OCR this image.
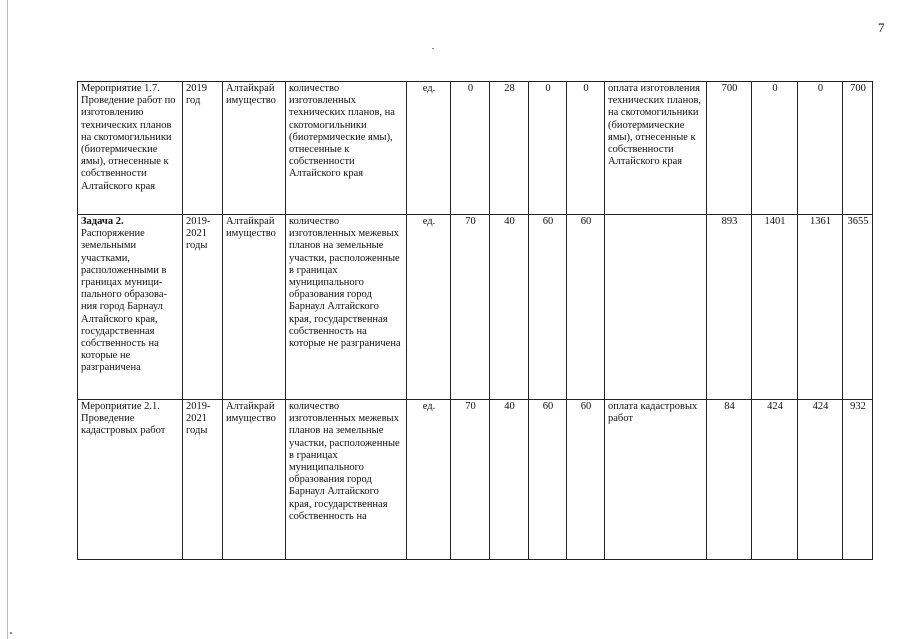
7
Мероприятие 1.7.
Проведение работ по изготовлению технических планов на скотомогильники (биотермические ямы), отнесенные к собственности Алтайского края	2019 год	Алтайкрай имущество	количество изготовленных технических планов, на скотомогильники (биотермические ямы), отнесенные к собственности Алтайского края	ед.	0	28	0	0	оплата изготовления технических планов, на скотомогильники (биотермические ямы), отнесенные к собственности Алтайского края	700	0	0	700
Задача 2.
Распоряжение земельными участками, расположенными в границах муници-пального образова-ния город Барнаул Алтайского края, государственная собственность на которые не разграничена	2019-2021 годы	Алтайкрай имущество	количество изготовленных межевых планов на земельные участки, расположенные в границах муниципального образования город Барнаул Алтайского края, государственная собственность на которые не разграничена	ед.	70	40	60	60		893	1401	1361	3655
Мероприятие 2.1.
Проведение кадастровых работ	2019-2021 годы	Алтайкрай имущество	количество изготовленных межевых планов на земельные участки, расположенные в границах муниципального образования город Барнаул Алтайского края, государственная собственность на	ед.	70	40	60	60	оплата кадастровых работ	84	424	424	932
